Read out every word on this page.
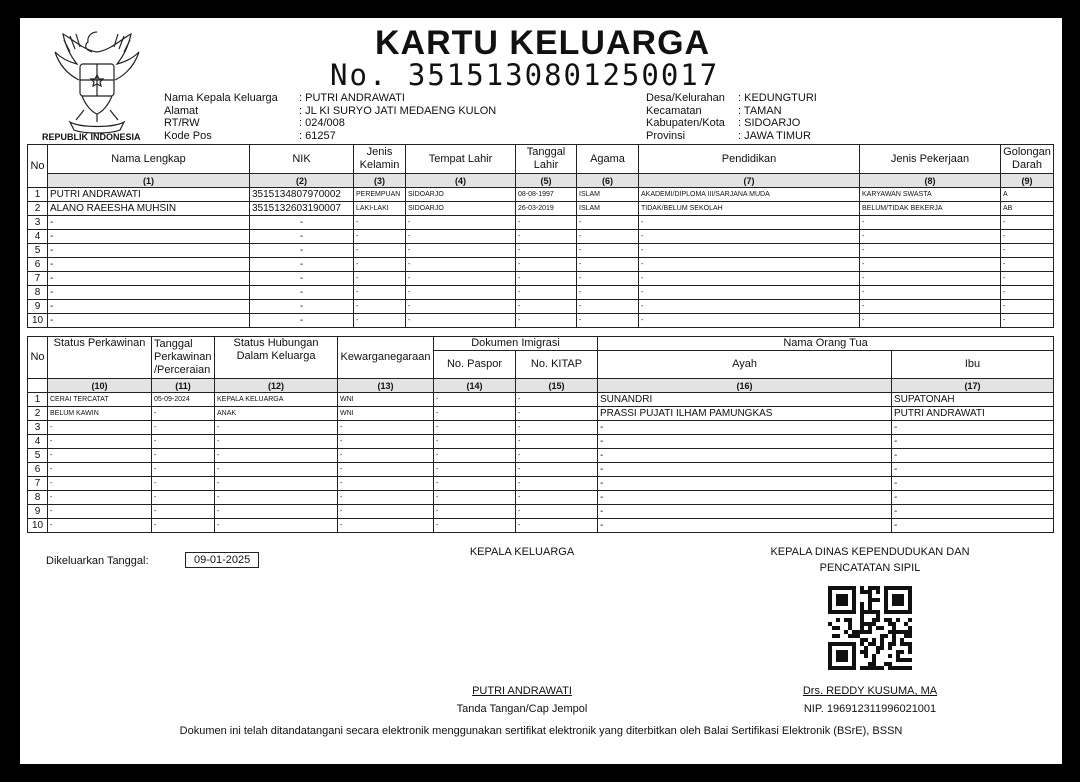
REPUBLIK INDONESIA
KARTU KELUARGA
No. 3515130801250017
Nama Kepala Keluarga	: PUTRI ANDRAWATI
Alamat	: JL KI SURYO JATI MEDAENG KULON
RT/RW	: 024/008
Kode Pos	: 61257
Desa/Kelurahan	: KEDUNGTURI
Kecamatan	: TAMAN
Kabupaten/Kota	: SIDOARJO
Provinsi	: JAWA TIMUR
No	Nama Lengkap	NIK	Jenis Kelamin	Tempat Lahir	Tanggal Lahir	Agama	Pendidikan	Jenis Pekerjaan	Golongan Darah
	(1)	(2)	(3)	(4)	(5)	(6)	(7)	(8)	(9)
1	PUTRI ANDRAWATI	3515134807970002	PEREMPUAN	SIDOARJO	08-08-1997	ISLAM	AKADEMI/DIPLOMA III/SARJANA MUDA	KARYAWAN SWASTA	A
2	ALANO RAEESHA MUHSIN	3515132603190007	LAKI-LAKI	SIDOARJO	26-03-2019	ISLAM	TIDAK/BELUM SEKOLAH	BELUM/TIDAK BEKERJA	AB
3	-	-	-	-	-	-	-	-	-
4	-	-	-	-	-	-	-	-	-
5	-	-	-	-	-	-	-	-	-
6	-	-	-	-	-	-	-	-	-
7	-	-	-	-	-	-	-	-	-
8	-	-	-	-	-	-	-	-	-
9	-	-	-	-	-	-	-	-	-
10	-	-	-	-	-	-	-	-	-
No	Status Perkawinan	Tanggal Perkawinan /Perceraian	Status Hubungan Dalam Keluarga	Kewarganegaraan	Dokumen Imigrasi		Nama Orang Tua	
					No. Paspor	No. KITAP	Ayah	Ibu
	(10)	(11)	(12)	(13)	(14)	(15)	(16)	(17)
1	CERAI TERCATAT	05-09-2024	KEPALA KELUARGA	WNI	-	-	SUNANDRI	SUPATONAH
2	BELUM KAWIN	-	ANAK	WNI	-	-	PRASSI PUJATI ILHAM PAMUNGKAS	PUTRI ANDRAWATI
3	-	-	-	-	-	-	-	-
4	-	-	-	-	-	-	-	-
5	-	-	-	-	-	-	-	-
6	-	-	-	-	-	-	-	-
7	-	-	-	-	-	-	-	-
8	-	-	-	-	-	-	-	-
9	-	-	-	-	-	-	-	-
10	-	-	-	-	-	-	-	-
Dikeluarkan Tanggal:	09-01-2025
KEPALA KELUARGA
PUTRI ANDRAWATI
Tanda Tangan/Cap Jempol
KEPALA DINAS KEPENDUDUKAN DAN
PENCATATAN SIPIL
Drs. REDDY KUSUMA, MA
NIP. 196912311996021001
Dokumen ini telah ditandatangani secara elektronik menggunakan sertifikat elektronik yang diterbitkan oleh Balai Sertifikasi Elektronik (BSrE), BSSN
